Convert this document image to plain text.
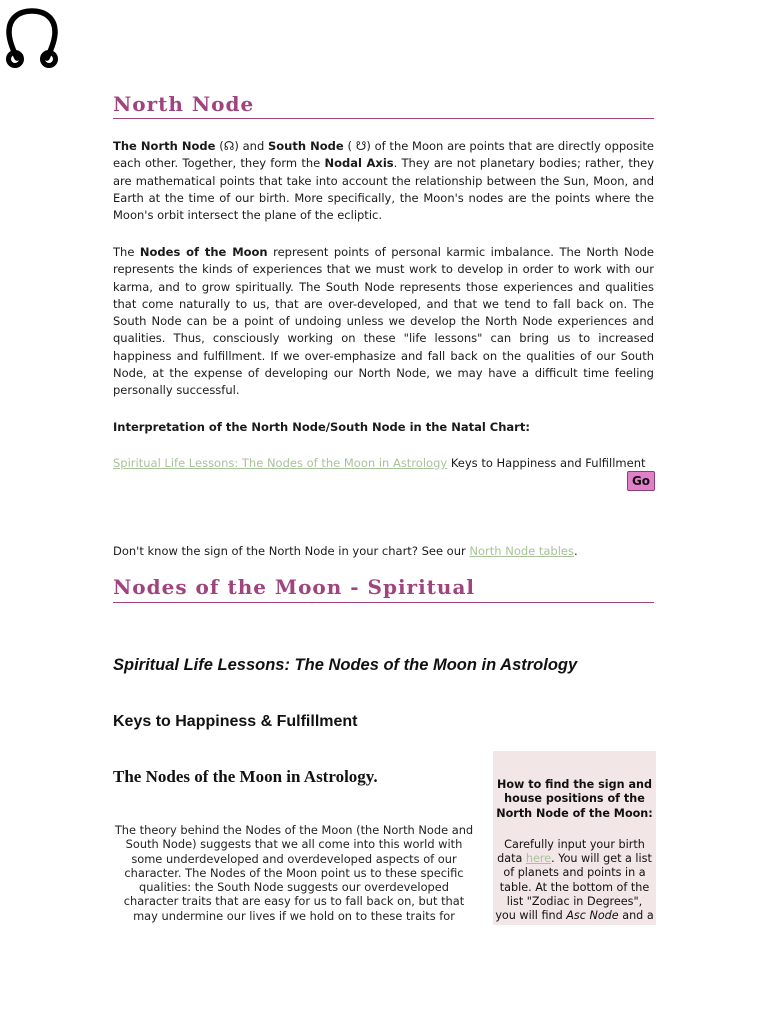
North Node

The North Node (☊) and South Node ( ☋) of the Moon are points that are directly opposite each other. Together, they form the Nodal Axis. They are not planetary bodies; rather, they are mathematical points that take into account the relationship between the Sun, Moon, and Earth at the time of our birth. More specifically, the Moon's nodes are the points where the Moon's orbit intersect the plane of the ecliptic.

The Nodes of the Moon represent points of personal karmic imbalance. The North Node represents the kinds of experiences that we must work to develop in order to work with our karma, and to grow spiritually. The South Node represents those experiences and qualities that come naturally to us, that are over-developed, and that we tend to fall back on. The South Node can be a point of undoing unless we develop the North Node experiences and qualities. Thus, consciously working on these "life lessons" can bring us to increased happiness and fulfillment. If we over-emphasize and fall back on the qualities of our South Node, at the expense of developing our North Node, we may have a difficult time feeling personally successful.

Interpretation of the North Node/South Node in the Natal Chart:

Spiritual Life Lessons: The Nodes of the Moon in Astrology Keys to Happiness and Fulfillment

Go

Don't know the sign of the North Node in your chart? See our North Node tables.

Nodes of the Moon - Spiritual
Spiritual Life Lessons: The Nodes of the Moon in Astrology
Keys to Happiness & Fulfillment
The Nodes of the Moon in Astrology.

The theory behind the Nodes of the Moon (the North Node and South Node) suggests that we all come into this world with some underdeveloped and overdeveloped aspects of our character. The Nodes of the Moon point us to these specific qualities: the South Node suggests our overdeveloped character traits that are easy for us to fall back on, but that may undermine our lives if we hold on to these traits for

How to find the sign and house positions of the North Node of the Moon:

Carefully input your birth data here. You will get a list of planets and points in a table. At the bottom of the list "Zodiac in Degrees", you will find Asc Node and a
